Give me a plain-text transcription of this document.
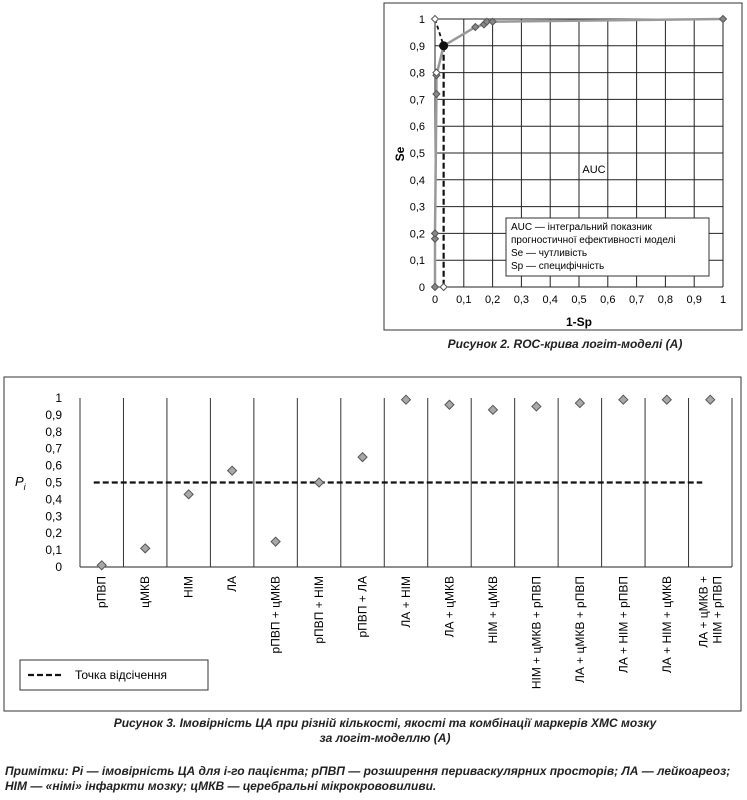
0 0,1 0,2 0,3 0,4 0,5 0,6 0,7 0,8 0,9 1
0
0,1
0,2
0,3
0,4
0,5
0,6
0,7
0,8
0,9
1
Se
1-Sp
AUC
AUC — інтегральний показник
прогностичної ефективності моделі
Se — чутливість
Sp — специфічність
Рисунок 2. ROC-крива логіт-моделі (А)
0
0,1
0,2
0,3
0,4
0,5
0,6
0,7
0,8
0,9
1
$P_i$
рПВП цМКВ НІМ ЛА рПВП + цМКВ рПВП + НІМ рПВП + ЛА ЛА + НІМ ЛА + цМКВ НІМ + цМКВ НІМ + цМКВ + рПВП ЛА + цМКВ + рПВП ЛА + НІМ + рПВП ЛА + НІМ + цМКВ ЛА + цМКВ + НІМ + рПВП
Точка відсічення
Рисунок 3. Імовірність ЦА при різній кількості, якості та комбінації маркерів ХМС мозку
за логіт-моделлю (А)
Примітки: Pi — імовірність ЦА для і-го пацієнта; рПВП — розширення периваскулярних просторів; ЛА — лейкоареоз; НІМ — «німі» інфаркти мозку; цМКВ — церебральні мікрокрововиливи.
